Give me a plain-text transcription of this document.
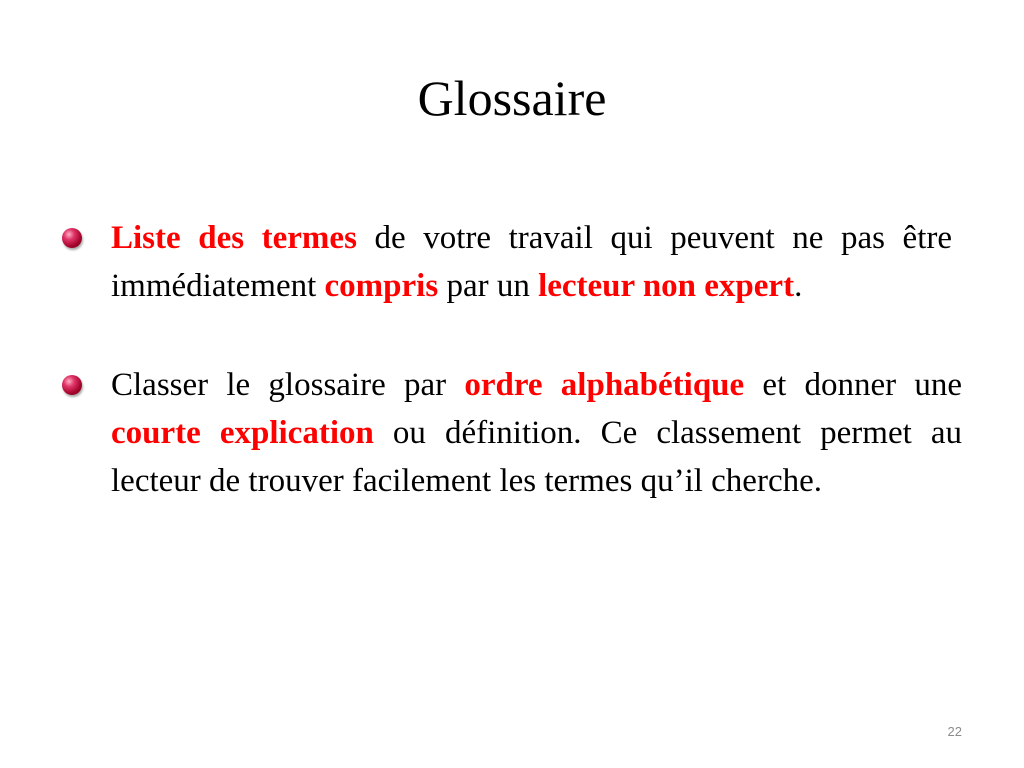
Glossaire
Liste des termes de votre travail qui peuvent ne pas être immédiatement compris par un lecteur non expert.
Classer le glossaire par ordre alphabétique et donner une courte explication ou définition. Ce classement permet au lecteur de trouver facilement les termes qu’il cherche.
22
